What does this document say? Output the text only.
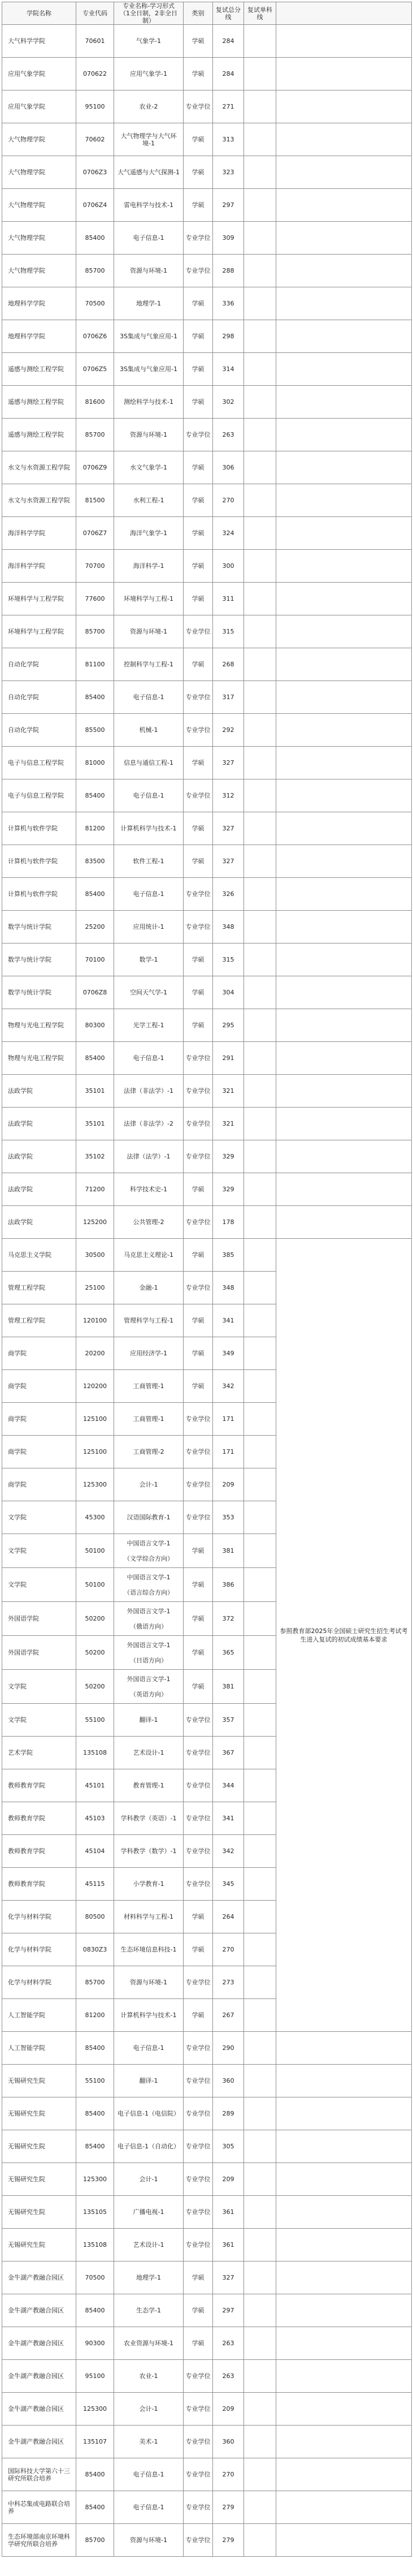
学院名称	专业代码	专业名称-学习形式
（1全日制，2非全日制）	类别	复试总分线	复试单科线	
大气科学学院	70601	气象学-1	学硕	284		
应用气象学院	070622	应用气象学-1	学硕	284		
应用气象学院	95100	农业-2	专业学位	271		
大气物理学院	70602	大气物理学与大气环境-1	学硕	313		
大气物理学院	0706Z3	大气遥感与大气探测-1	学硕	323		
大气物理学院	0706Z4	雷电科学与技术-1	学硕	297		
大气物理学院	85400	电子信息-1	专业学位	309		
大气物理学院	85700	资源与环境-1	专业学位	288		
地理科学学院	70500	地理学-1	学硕	336		
地理科学学院	0706Z6	3S集成与气象应用-1	学硕	298		
遥感与测绘工程学院	0706Z5	3S集成与气象应用-1	学硕	314		
遥感与测绘工程学院	81600	测绘科学与技术-1	学硕	302		
遥感与测绘工程学院	85700	资源与环境-1	专业学位	263		
水文与水资源工程学院	0706Z9	水文气象学-1	学硕	306		
水文与水资源工程学院	81500	水利工程-1	学硕	270		
海洋科学学院	0706Z7	海洋气象学-1	学硕	324		
海洋科学学院	70700	海洋科学-1	学硕	300		
环境科学与工程学院	77600	环境科学与工程-1	学硕	311		
环境科学与工程学院	85700	资源与环境-1	专业学位	315		
自动化学院	81100	控制科学与工程-1	学硕	268		
自动化学院	85400	电子信息-1	专业学位	317		
自动化学院	85500	机械-1	专业学位	292		
电子与信息工程学院	81000	信息与通信工程-1	学硕	327		
电子与信息工程学院	85400	电子信息-1	专业学位	312		
计算机与软件学院	81200	计算机科学与技术-1	学硕	327		
计算机与软件学院	83500	软件工程-1	学硕	327		
计算机与软件学院	85400	电子信息-1	专业学位	326		
数学与统计学院	25200	应用统计-1	专业学位	348		
数学与统计学院	70100	数学-1	学硕	315		
数学与统计学院	0706Z8	空间天气学-1	学硕	304		
物理与光电工程学院	80300	光学工程-1	学硕	295		
物理与光电工程学院	85400	电子信息-1	专业学位	291		
法政学院	35101	法律（非法学）-1	专业学位	321		
法政学院	35101	法律（非法学）-2	专业学位	321		
法政学院	35102	法律（法学）-1	专业学位	329		
法政学院	71200	科学技术史-1	学硕	329		
法政学院	125200	公共管理-2	专业学位	178		
马克思主义学院	30500	马克思主义理论-1	学硕	385		参照教育部2025年全国硕士研究生招生考试考生进入复试的初试成绩基本要求
管理工程学院	25100	金融-1	专业学位	348		
管理工程学院	120100	管理科学与工程-1	学硕	341		
商学院	20200	应用经济学-1	学硕	349		
商学院	120200	工商管理-1	学硕	342		
商学院	125100	工商管理-1	专业学位	171		
商学院	125100	工商管理-2	专业学位	171		
商学院	125300	会计-1	专业学位	209		
文学院	45300	汉语国际教育-1	专业学位	353		
文学院	50100	中国语言文学-1
（文学综合方向）	学硕	381		
文学院	50100	中国语言文学-1
（语言综合方向）	学硕	386		
外国语学院	50200	外国语言文学-1
（俄语方向）	学硕	372		
外国语学院	50200	外国语言文学-1
（日语方向）	学硕	365		
文学院	50200	外国语言文学-1
（英语方向）	学硕	381		
文学院	55100	翻译-1	专业学位	357		
艺术学院	135108	艺术设计-1	专业学位	367		
教师教育学院	45101	教育管理-1	专业学位	344		
教师教育学院	45103	学科教学（英语）-1	专业学位	341		
教师教育学院	45104	学科教学（数学）-1	专业学位	342		
教师教育学院	45115	小学教育-1	专业学位	345		
化学与材料学院	80500	材料科学与工程-1	学硕	264		
化学与材料学院	0830Z3	生态环境信息科技-1	学硕	270		
化学与材料学院	85700	资源与环境-1	专业学位	273		
人工智能学院	81200	计算机科学与技术-1	学硕	267		
人工智能学院	85400	电子信息-1	专业学位	290		
无锡研究生院	55100	翻译-1	专业学位	360		
无锡研究生院	85400	电子信息-1（电信院）	专业学位	289		
无锡研究生院	85400	电子信息-1（自动化）	专业学位	305		
无锡研究生院	125300	会计-1	专业学位	209		
无锡研究生院	135105	广播电视-1	专业学位	361		
无锡研究生院	135108	艺术设计-1	专业学位	361		
金牛湖产教融合园区	70500	地理学-1	学硕	327		
金牛湖产教融合园区	85400	生态学-1	学硕	297		
金牛湖产教融合园区	90300	农业资源与环境-1	学硕	263		
金牛湖产教融合园区	95100	农业-1	专业学位	263		
金牛湖产教融合园区	125300	会计-1	专业学位	209		
金牛湖产教融合园区	135107	美术-1	专业学位	360		
国际科技大学第六十三研究所联合培养	85400	电子信息-1	专业学位	270		
中科芯集成电路联合培养	85400	电子信息-1	专业学位	279		
生态环境部南京环境科学研究所联合培养	85700	资源与环境-1	专业学位	279		
